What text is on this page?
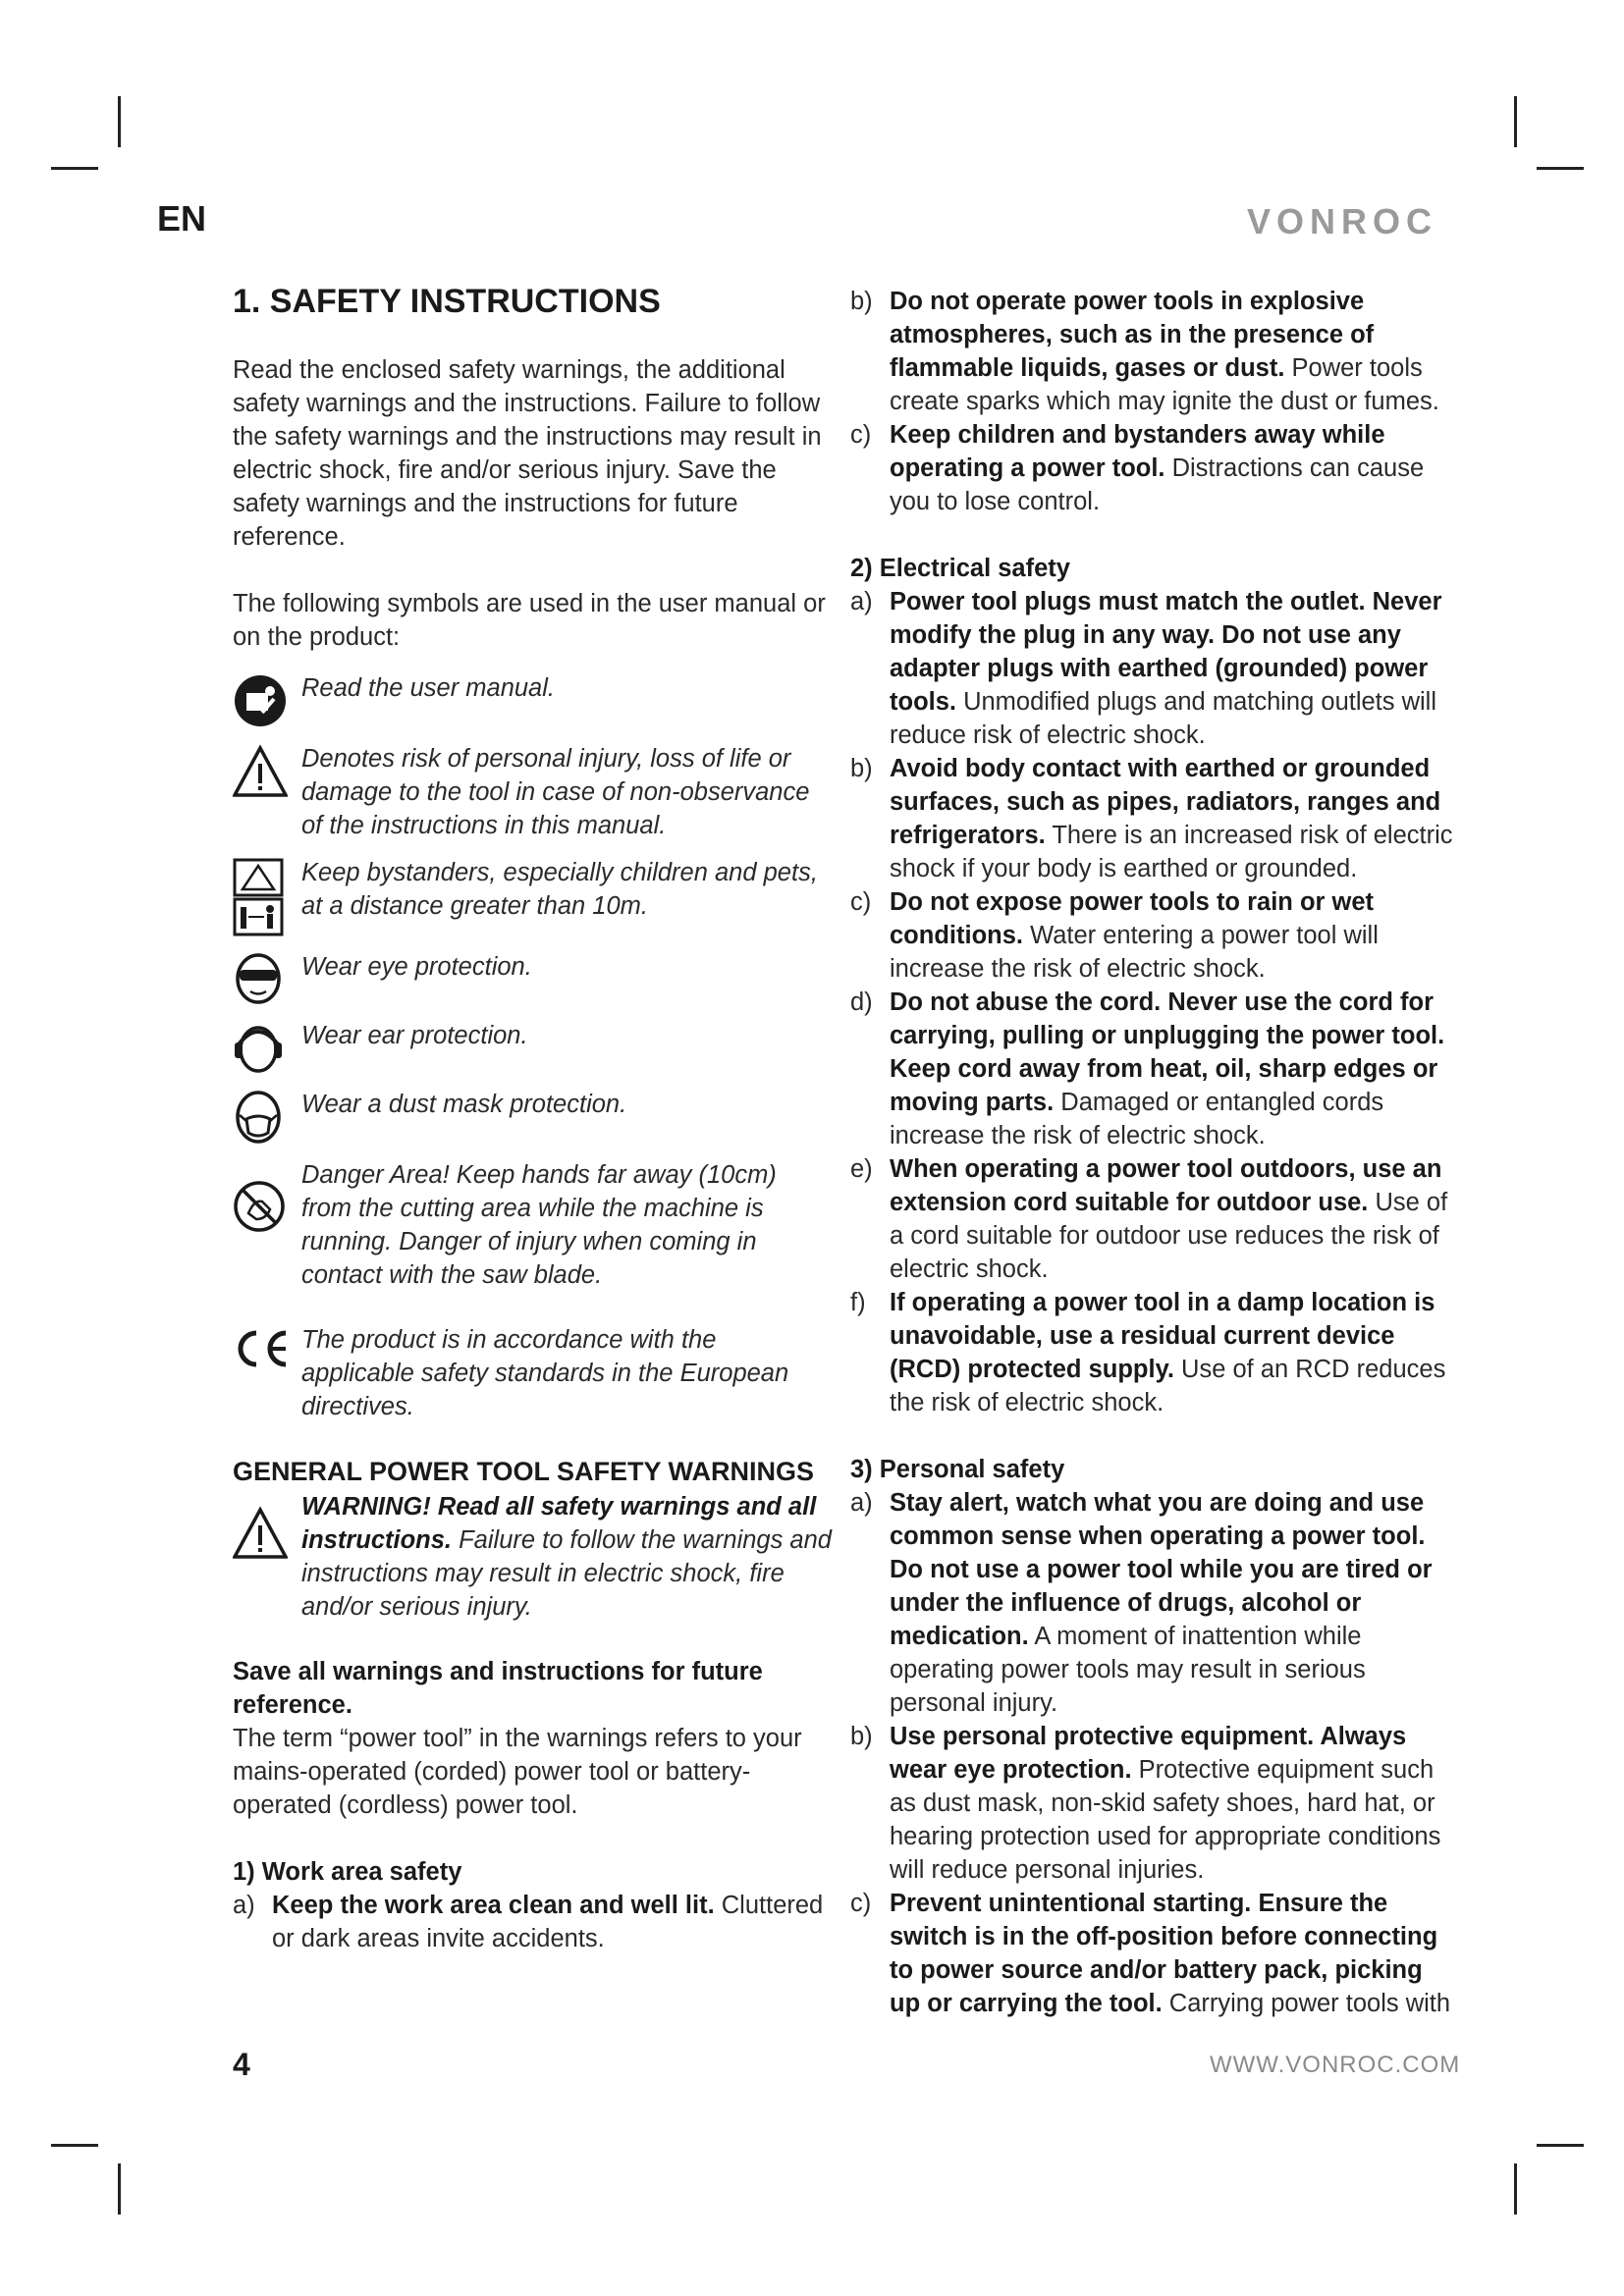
EN	VONROC
1. SAFETY INSTRUCTIONS

Read the enclosed safety warnings, the additional safety warnings and the instructions. Failure to follow the safety warnings and the instructions may result in electric shock, fire and/or serious injury. Save the safety warnings and the instructions for future reference.

The following symbols are used in the user manual or on the product:

Read the user manual.
Denotes risk of personal injury, loss of life or damage to the tool in case of non-observance of the instructions in this manual.
Keep bystanders, especially children and pets, at a distance greater than 10m.
Wear eye protection.
Wear ear protection.
Wear a dust mask protection.
Danger Area! Keep hands far away (10cm) from the cutting area while the machine is running. Danger of injury when coming in contact with the saw blade.
The product is in accordance with the applicable safety standards in the European directives.
GENERAL POWER TOOL SAFETY WARNINGS
WARNING! Read all safety warnings and all instructions. Failure to follow the warnings and instructions may result in electric shock, fire and/or serious injury.

Save all warnings and instructions for future reference.

The term “power tool” in the warnings refers to your mains-operated (corded) power tool or battery-operated (cordless) power tool.

1) Work area safety

a) Keep the work area clean and well lit. Cluttered or dark areas invite accidents.
b) Do not operate power tools in explosive atmospheres, such as in the presence of flammable liquids, gases or dust. Power tools create sparks which may ignite the dust or fumes.
c) Keep children and bystanders away while operating a power tool. Distractions can cause you to lose control.

2) Electrical safety

a) Power tool plugs must match the outlet. Never modify the plug in any way. Do not use any adapter plugs with earthed (grounded) power tools. Unmodified plugs and matching outlets will reduce risk of electric shock.
b) Avoid body contact with earthed or grounded surfaces, such as pipes, radiators, ranges and refrigerators. There is an increased risk of electric shock if your body is earthed or grounded.
c) Do not expose power tools to rain or wet conditions. Water entering a power tool will increase the risk of electric shock.
d) Do not abuse the cord. Never use the cord for carrying, pulling or unplugging the power tool. Keep cord away from heat, oil, sharp edges or moving parts. Damaged or entangled cords increase the risk of electric shock.
e) When operating a power tool outdoors, use an extension cord suitable for outdoor use. Use of a cord suitable for outdoor use reduces the risk of electric shock.
f) If operating a power tool in a damp location is unavoidable, use a residual current device (RCD) protected supply. Use of an RCD reduces the risk of electric shock.

3) Personal safety

a) Stay alert, watch what you are doing and use common sense when operating a power tool. Do not use a power tool while you are tired or under the influence of drugs, alcohol or medication. A moment of inattention while operating power tools may result in serious personal injury.
b) Use personal protective equipment. Always wear eye protection. Protective equipment such as dust mask, non-skid safety shoes, hard hat, or hearing protection used for appropriate conditions will reduce personal injuries.
c) Prevent unintentional starting. Ensure the switch is in the off-position before connecting to power source and/or battery pack, picking up or carrying the tool. Carrying power tools with
4	WWW.VONROC.COM
